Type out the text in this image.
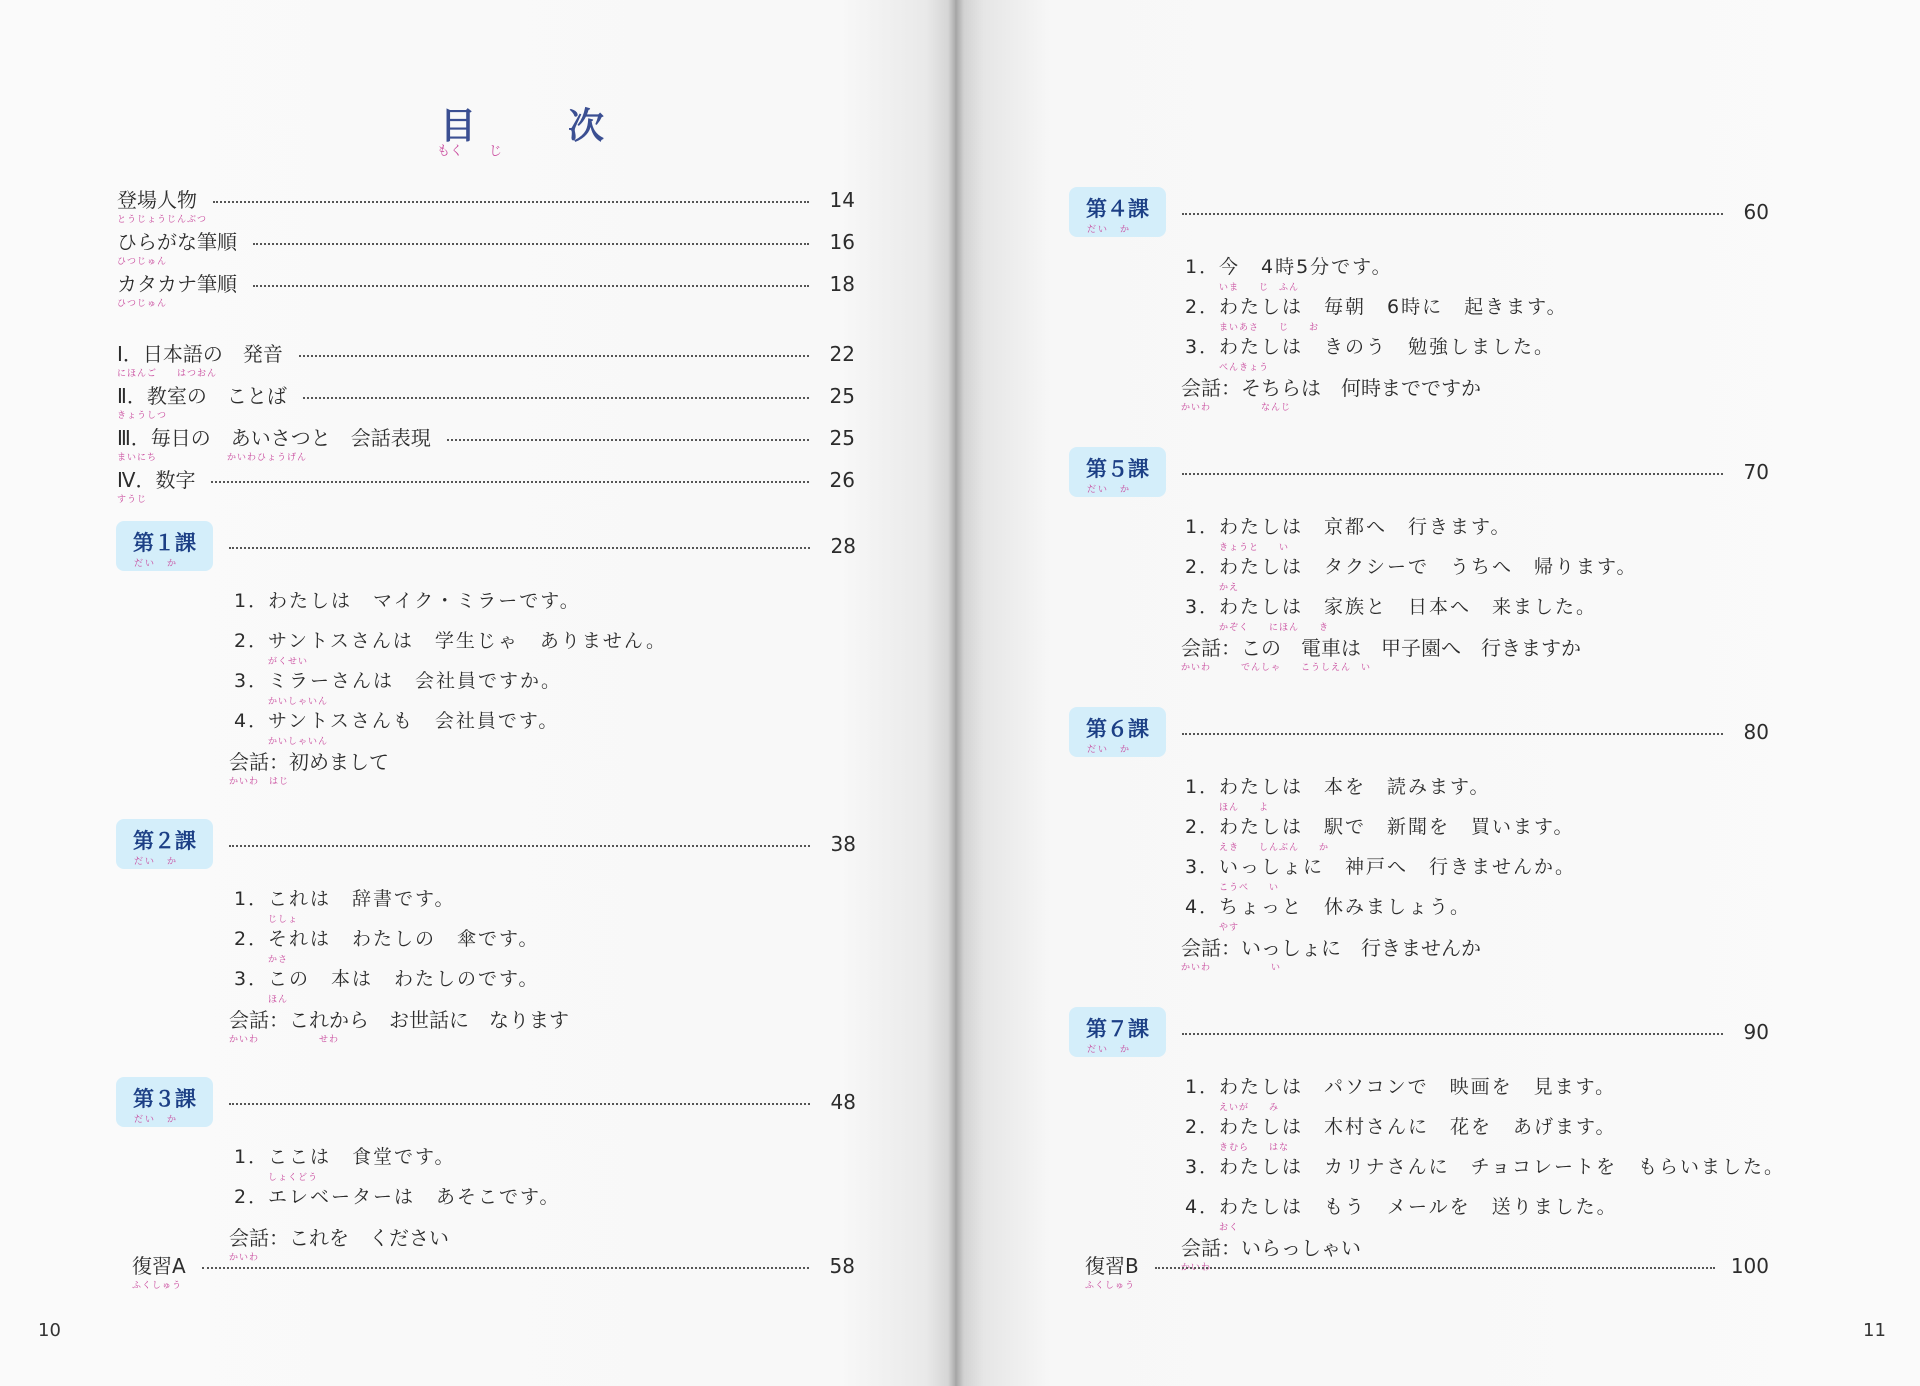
目　次
もく　　じ
登場人物
とうじょうじんぶつ
14
ひらがな筆順
ひつじゅん
16
カタカナ筆順
ひつじゅん
18
Ⅰ．日本語の　発音
にほんご　　はつおん
22
Ⅱ．教室の　ことば
きょうしつ
25
Ⅲ．毎日の　あいさつと　会話表現
まいにち　　　　　　　かいわひょうげん
25
Ⅳ．数字
すうじ
26
第１課
だい　か
28
1．わたしは　マイク・ミラーです。
2．サントスさんは　学生じゃ　ありません。
がくせい
3．ミラーさんは　会社員ですか。
かいしゃいん
4．サントスさんも　会社員です。
かいしゃいん
会話：初めまして
かいわ　はじ
第２課
だい　か
38
1．これは　辞書です。
じしょ
2．それは　わたしの　傘です。
かさ
3．この　本は　わたしのです。
ほん
会話：これから　お世話に　なります
かいわ　　　　　　せわ
第３課
だい　か
48
1．ここは　食堂です。
しょくどう
2．エレベーターは　あそこです。
会話：これを　ください
かいわ
復習A
ふくしゅう
58
10
第４課
だい　か
60
1．今　4時5分です。
いま　　じ　ふん
2．わたしは　毎朝　6時に　起きます。
まいあさ　　じ　　お
3．わたしは　きのう　勉強しました。
べんきょう
会話：そちらは　何時までですか
かいわ　　　　　なんじ
第５課
だい　か
70
1．わたしは　京都へ　行きます。
きょうと　　い
2．わたしは　タクシーで　うちへ　帰ります。
かえ
3．わたしは　家族と　日本へ　来ました。
かぞく　　にほん　　き
会話：この　電車は　甲子園へ　行きますか
かいわ　　　でんしゃ　　こうしえん　い
第６課
だい　か
80
1．わたしは　本を　読みます。
ほん　　よ
2．わたしは　駅で　新聞を　買います。
えき　　しんぶん　　か
3．いっしょに　神戸へ　行きませんか。
こうべ　　い
4．ちょっと　休みましょう。
やす
会話：いっしょに　行きませんか
かいわ　　　　　　い
第７課
だい　か
90
1．わたしは　パソコンで　映画を　見ます。
えいが　　み
2．わたしは　木村さんに　花を　あげます。
きむら　　はな
3．わたしは　カリナさんに　チョコレートを　もらいました。
4．わたしは　もう　メールを　送りました。
おく
会話：いらっしゃい
かいわ
復習B
ふくしゅう
100
11
